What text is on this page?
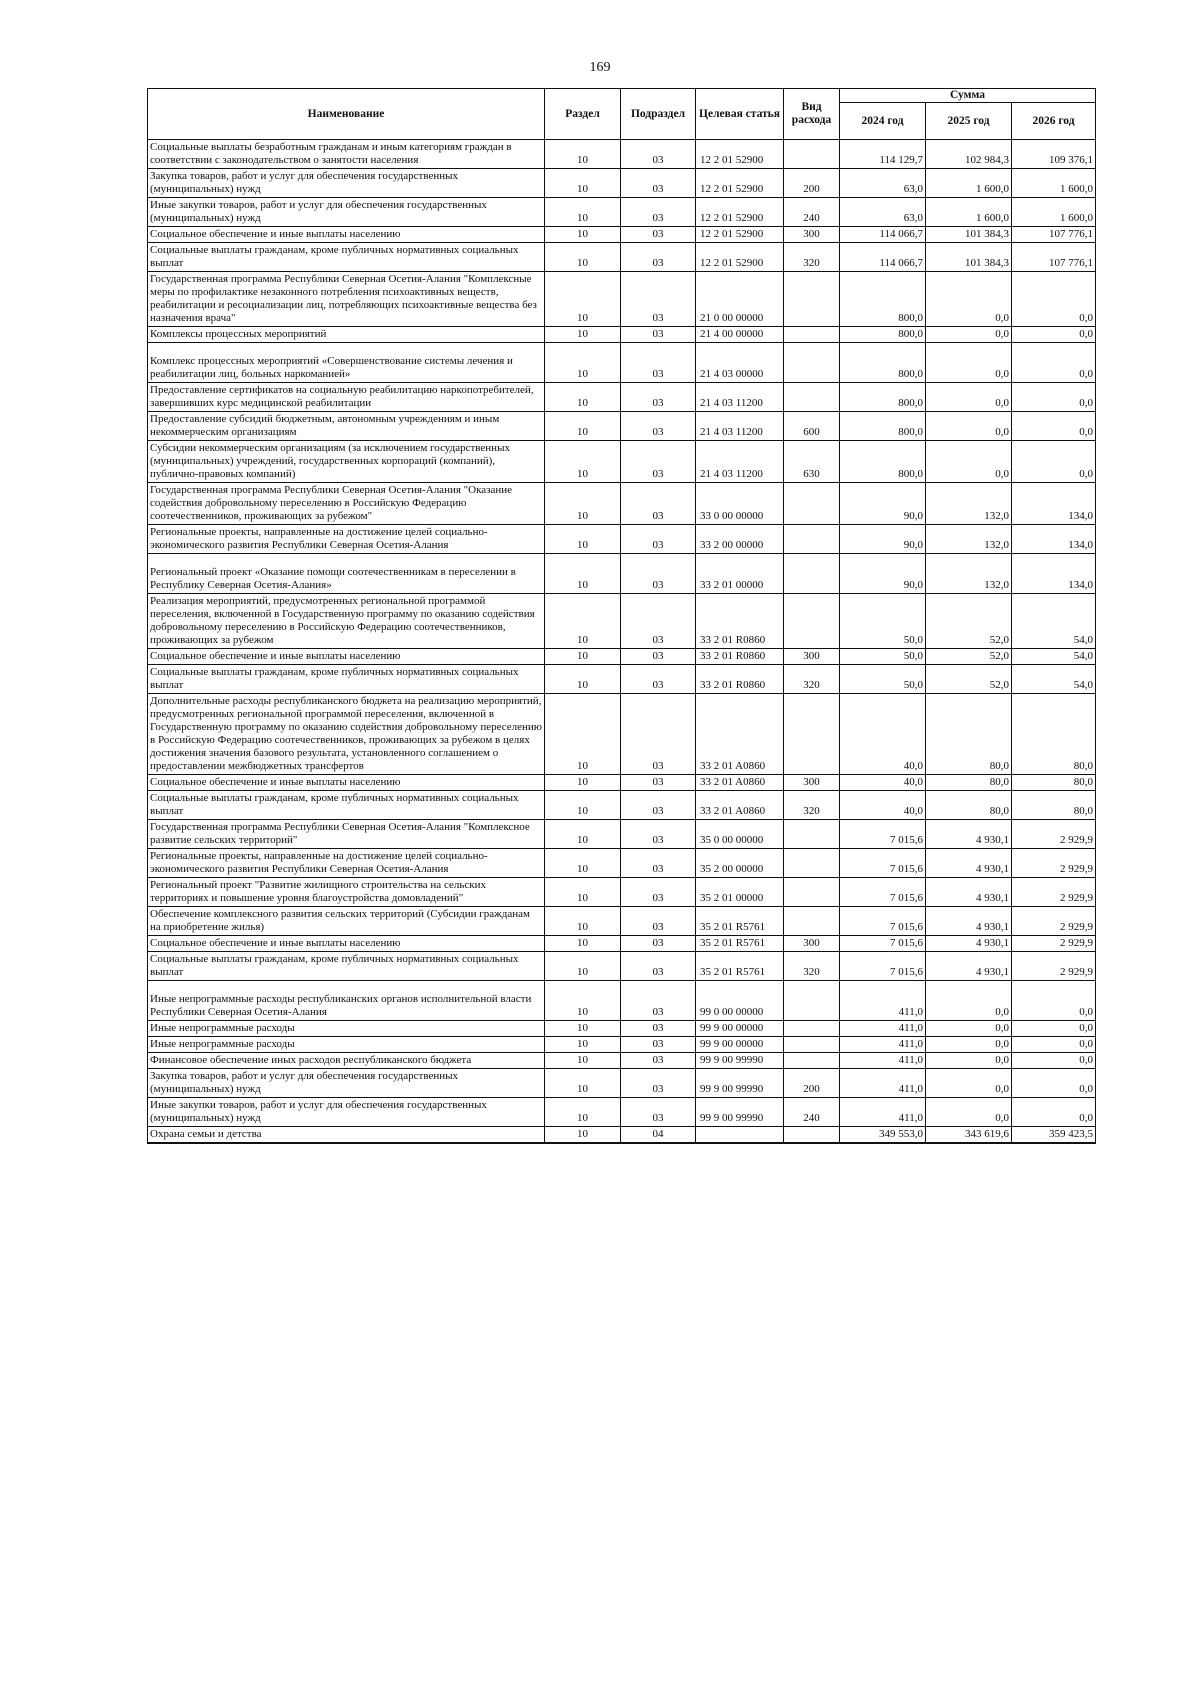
169
Наименование	Раздел	Подраздел	Целевая статья	Вид расхода	Сумма		
					2024 год	2025 год	2026 год
Социальные выплаты безработным гражданам и иным категориям граждан в соответствии с законодательством о занятости населения	10	03	12 2 01 52900		114 129,7	102 984,3	109 376,1
Закупка товаров, работ и услуг для обеспечения государственных (муниципальных) нужд	10	03	12 2 01 52900	200	63,0	1 600,0	1 600,0
Иные закупки товаров, работ и услуг для обеспечения государственных (муниципальных) нужд	10	03	12 2 01 52900	240	63,0	1 600,0	1 600,0
Социальное обеспечение и иные выплаты населению	10	03	12 2 01 52900	300	114 066,7	101 384,3	107 776,1
Социальные выплаты гражданам, кроме публичных нормативных социальных выплат	10	03	12 2 01 52900	320	114 066,7	101 384,3	107 776,1
Государственная программа Республики Северная Осетия-Алания "Комплексные меры по профилактике незаконного потребления психоактивных веществ, реабилитации и ресоциализации лиц, потребляющих психоактивные вещества без назначения врача"	10	03	21 0 00 00000		800,0	0,0	0,0
Комплексы процессных мероприятий	10	03	21 4 00 00000		800,0	0,0	0,0
Комплекс процессных мероприятий «Совершенствование системы лечения и реабилитации лиц, больных наркоманией»	10	03	21 4 03 00000		800,0	0,0	0,0
Предоставление сертификатов на социальную реабилитацию наркопотребителей, завершивших курс медицинской реабилитации	10	03	21 4 03 11200		800,0	0,0	0,0
Предоставление субсидий бюджетным, автономным учреждениям и иным некоммерческим организациям	10	03	21 4 03 11200	600	800,0	0,0	0,0
Субсидии некоммерческим организациям (за исключением государственных (муниципальных) учреждений, государственных корпораций (компаний), публично-правовых компаний)	10	03	21 4 03 11200	630	800,0	0,0	0,0
Государственная программа Республики Северная Осетия-Алания "Оказание содействия добровольному переселению в Российскую Федерацию соотечественников, проживающих за рубежом"	10	03	33 0 00 00000		90,0	132,0	134,0
Региональные проекты, направленные на достижение целей социально-экономического развития Республики Северная Осетия-Алания	10	03	33 2 00 00000		90,0	132,0	134,0
Региональный проект «Оказание помощи соотечественникам в переселении в Республику Северная Осетия-Алания»	10	03	33 2 01 00000		90,0	132,0	134,0
Реализация мероприятий, предусмотренных региональной программой переселения, включенной в Государственную программу по оказанию содействия добровольному переселению в Российскую Федерацию соотечественников, проживающих за рубежом	10	03	33 2 01 R0860		50,0	52,0	54,0
Социальное обеспечение и иные выплаты населению	10	03	33 2 01 R0860	300	50,0	52,0	54,0
Социальные выплаты гражданам, кроме публичных нормативных социальных выплат	10	03	33 2 01 R0860	320	50,0	52,0	54,0
Дополнительные расходы республиканского бюджета на реализацию мероприятий, предусмотренных региональной программой переселения, включенной в Государственную программу по оказанию содействия добровольному переселению в Российскую Федерацию соотечественников, проживающих за рубежом в целях достижения значения базового результата, установленного соглашением о предоставлении межбюджетных трансфертов	10	03	33 2 01 A0860		40,0	80,0	80,0
Социальное обеспечение и иные выплаты населению	10	03	33 2 01 A0860	300	40,0	80,0	80,0
Социальные выплаты гражданам, кроме публичных нормативных социальных выплат	10	03	33 2 01 A0860	320	40,0	80,0	80,0
Государственная программа Республики Северная Осетия-Алания "Комплексное развитие сельских территорий"	10	03	35 0 00 00000		7 015,6	4 930,1	2 929,9
Региональные проекты, направленные на достижение целей социально-экономического развития Республики Северная Осетия-Алания	10	03	35 2 00 00000		7 015,6	4 930,1	2 929,9
Региональный проект "Развитие жилищного строительства на сельских территориях и повышение уровня благоустройства домовладений"	10	03	35 2 01 00000		7 015,6	4 930,1	2 929,9
Обеспечение комплексного развития сельских территорий (Субсидии гражданам на приобретение жилья)	10	03	35 2 01 R5761		7 015,6	4 930,1	2 929,9
Социальное обеспечение и иные выплаты населению	10	03	35 2 01 R5761	300	7 015,6	4 930,1	2 929,9
Социальные выплаты гражданам, кроме публичных нормативных социальных выплат	10	03	35 2 01 R5761	320	7 015,6	4 930,1	2 929,9
Иные непрограммные расходы республиканских органов исполнительной власти Республики Северная Осетия-Алания	10	03	99 0 00 00000		411,0	0,0	0,0
Иные непрограммные расходы	10	03	99 9 00 00000		411,0	0,0	0,0
Иные непрограммные расходы	10	03	99 9 00 00000		411,0	0,0	0,0
Финансовое обеспечение иных расходов республиканского бюджета	10	03	99 9 00 99990		411,0	0,0	0,0
Закупка товаров, работ и услуг для обеспечения государственных (муниципальных) нужд	10	03	99 9 00 99990	200	411,0	0,0	0,0
Иные закупки товаров, работ и услуг для обеспечения государственных (муниципальных) нужд	10	03	99 9 00 99990	240	411,0	0,0	0,0
Охрана семьи и детства	10	04			349 553,0	343 619,6	359 423,5
